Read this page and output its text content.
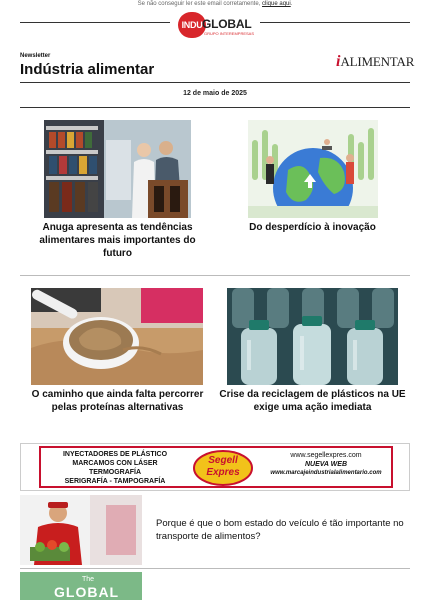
Se não conseguir ler este email corretamente, clique aqui.
INDU GLOBAL
GRUPO INTEREMPRESAS
Newsletter
Indústria alimentar	iALIMENTAR
12 de maio de 2025
Anuga apresenta as tendências alimentares mais importantes do futuro
Do desperdício à inovação
O caminho que ainda falta percorrer pelas proteínas alternativas
Crise da reciclagem de plásticos na UE exige uma ação imediata
INYECTADORES DE PLÁSTICO
MARCAMOS CON LÁSER
TERMOGRAFÍA
SERIGRAFÍA - TAMPOGRAFÍA
Segell
Expres
www.segellexpres.com
NUEVA WEB
www.marcajeindustrialalimentario.com
Porque é que o bom estado do veículo é tão importante no transporte de alimentos?
The
GLOBAL
